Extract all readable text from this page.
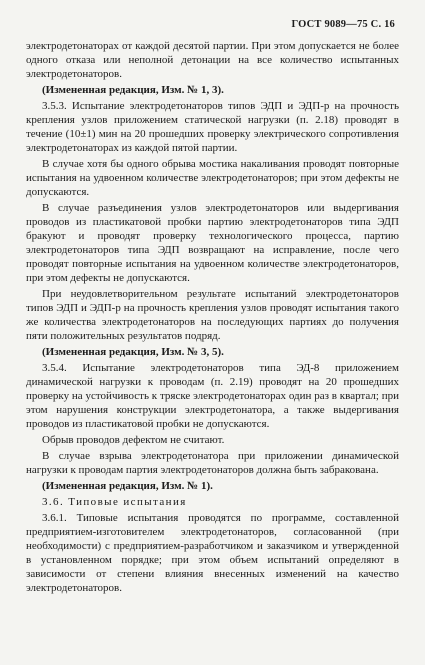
ГОСТ 9089—75 С. 16

электродетонаторах от каждой десятой партии. При этом допускается не более одного отказа или неполной детонации на все количество испытанных электродетонаторов.

(Измененная редакция, Изм. № 1, 3).

3.5.3. Испытание электродетонаторов типов ЭДП и ЭДП-р на прочность крепления узлов приложением статической нагрузки (п. 2.18) проводят в течение (10±1) мин на 20 прошедших проверку электрического сопротивления электродетонаторах из каждой пятой партии.

В случае хотя бы одного обрыва мостика накаливания проводят повторные испытания на удвоенном количестве электродетонаторов; при этом дефекты не допускаются.

В случае разъединения узлов электродетонаторов или выдергивания проводов из пластикатовой пробки партию электродетонаторов типа ЭДП бракуют и проводят проверку технологического процесса, партию электродетонаторов типа ЭДП возвращают на исправление, после чего проводят повторные испытания на удвоенном количестве электродетонаторов, при этом дефекты не допускаются.

При неудовлетворительном результате испытаний электродетонаторов типов ЭДП и ЭДП-р на прочность крепления узлов проводят испытания такого же количества электродетонаторов на последующих партиях до получения пяти положительных результатов подряд.

(Измененная редакция, Изм. № 3, 5).

3.5.4. Испытание электродетонаторов типа ЭД-8 приложением динамической нагрузки к проводам (п. 2.19) проводят на 20 прошедших проверку на устойчивость к тряске электродетонаторах один раз в квартал; при этом нарушения конструкции электродетонатора, а также выдергивания проводов из пластикатовой пробки не допускаются.

Обрыв проводов дефектом не считают.

В случае взрыва электродетонатора при приложении динамической нагрузки к проводам партия электродетонаторов должна быть забракована.

(Измененная редакция, Изм. № 1).

3.6. Типовые испытания

3.6.1. Типовые испытания проводятся по программе, составленной предприятием-изготовителем электродетонаторов, согласованной (при необходимости) с предприятием-разработчиком и заказчиком и утвержденной в установленном порядке; при этом объем испытаний определяют в зависимости от степени влияния внесенных изменений на качество электродетонаторов.
